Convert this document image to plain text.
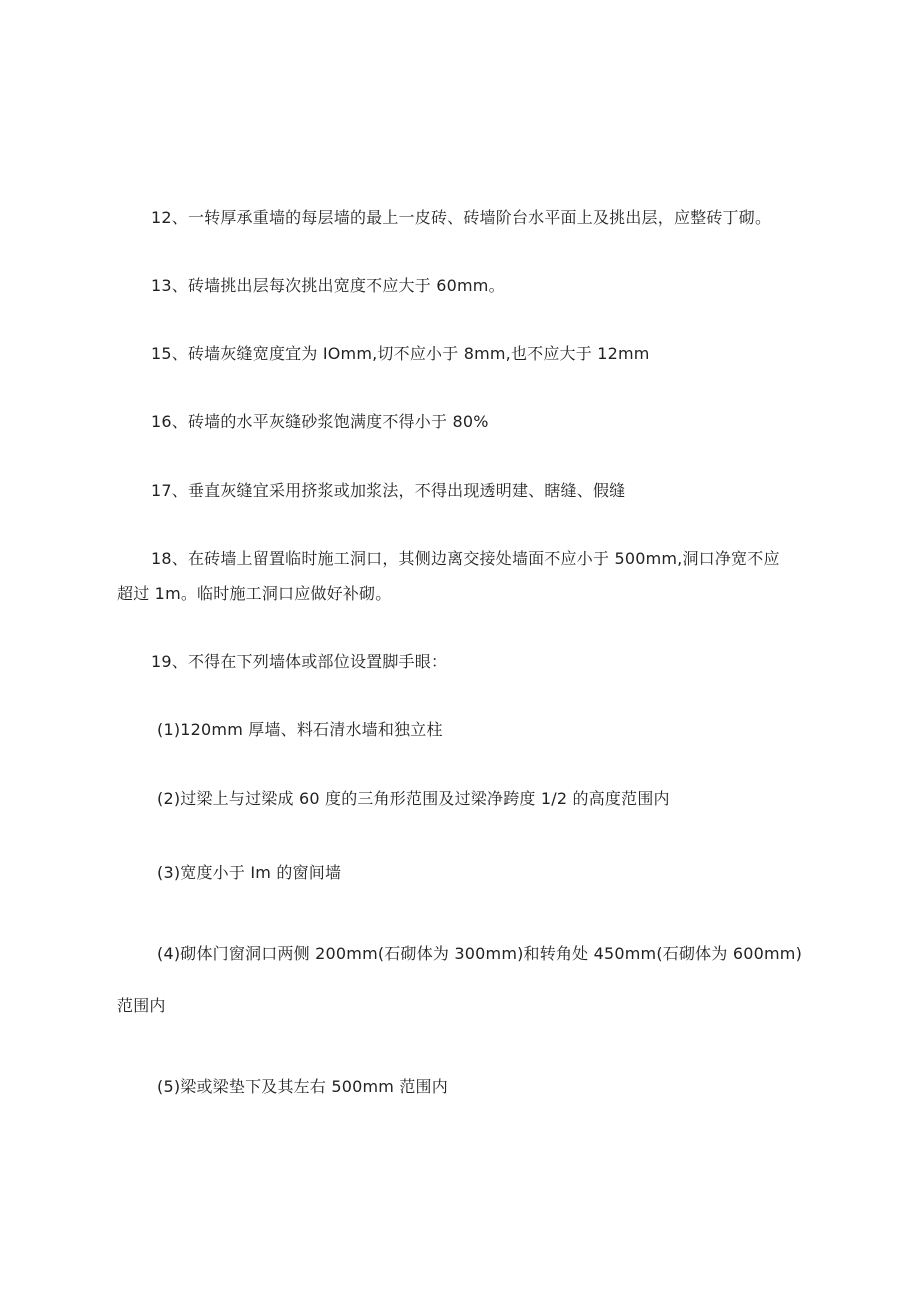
12、一转厚承重墙的每层墙的最上一皮砖、砖墙阶台水平面上及挑出层，应整砖丁砌。
13、砖墙挑出层每次挑出宽度不应大于 60mm。
15、砖墙灰缝宽度宜为 IOmm,切不应小于 8mm,也不应大于 12mm
16、砖墙的水平灰缝砂浆饱满度不得小于 80%
17、垂直灰缝宜采用挤浆或加浆法，不得出现透明建、瞎缝、假缝
18、在砖墙上留置临时施工洞口，其侧边离交接处墙面不应小于 500mm,洞口净宽不应
超过 1m。临时施工洞口应做好补砌。
19、不得在下列墙体或部位设置脚手眼：
(1)120mm 厚墙、料石清水墙和独立柱
(2)过梁上与过梁成 60 度的三角形范围及过梁净跨度 1/2 的高度范围内
(3)宽度小于 Im 的窗间墙
(4)砌体门窗洞口两侧 200mm(石砌体为 300mm)和转角处 450mm(石砌体为 600mm)
范围内
(5)梁或梁垫下及其左右 500mm 范围内
